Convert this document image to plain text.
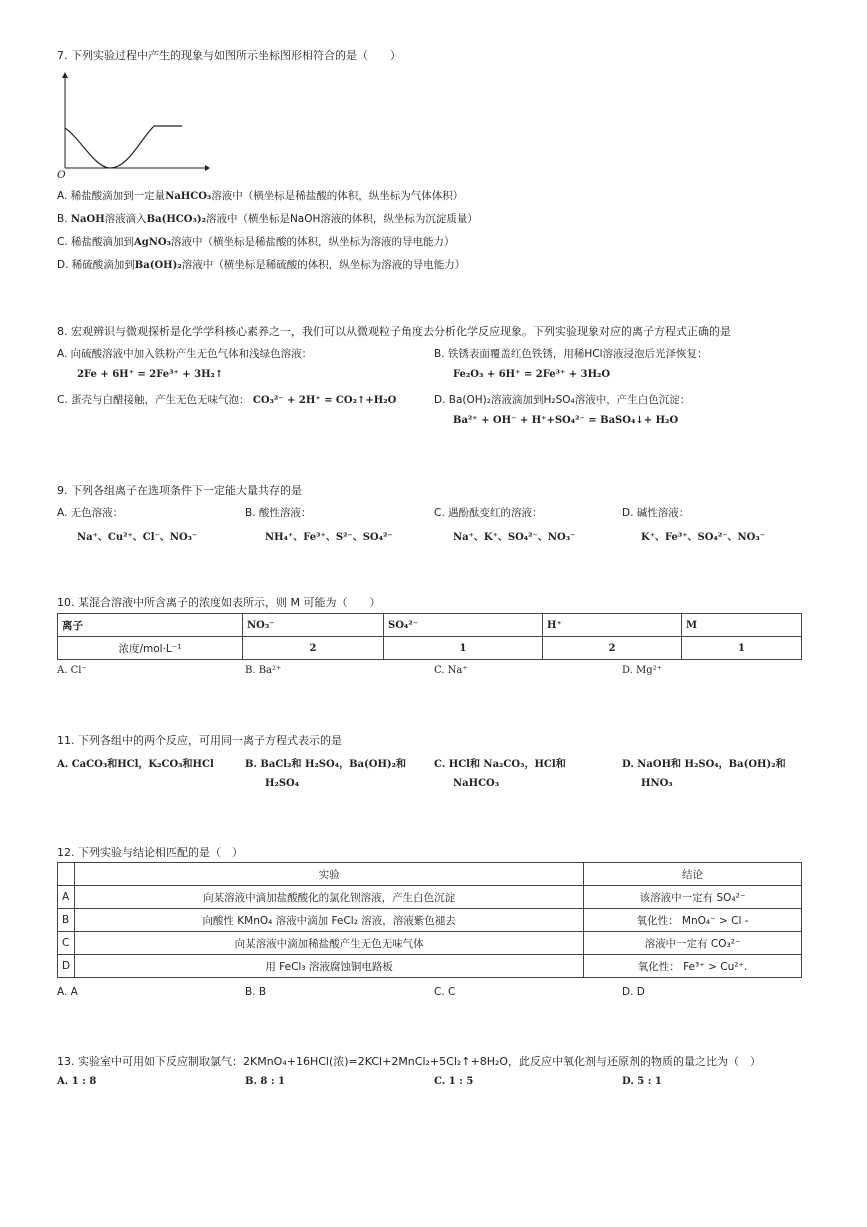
7. 下列实验过程中产生的现象与如图所示坐标图形相符合的是（　　）
O
A. 稀盐酸滴加到一定量NaHCO₃溶液中（横坐标是稀盐酸的体积，纵坐标为气体体积）
B. NaOH溶液滴入Ba(HCO₃)₂溶液中（横坐标是NaOH溶液的体积，纵坐标为沉淀质量）
C. 稀盐酸滴加到AgNO₃溶液中（横坐标是稀盐酸的体积，纵坐标为溶液的导电能力）
D. 稀硫酸滴加到Ba(OH)₂溶液中（横坐标是稀硫酸的体积，纵坐标为溶液的导电能力）
8. 宏观辨识与微观探析是化学学科核心素养之一，我们可以从微观粒子角度去分析化学反应现象。下列实验现象对应的离子方程式正确的是
A. 向硫酸溶液中加入铁粉产生无色气体和浅绿色溶液：
2Fe + 6H⁺ = 2Fe³⁺ + 3H₂↑
B. 铁锈表面覆盖红色铁锈，用稀HCl溶液浸泡后光泽恢复：
Fe₂O₃ + 6H⁺ = 2Fe³⁺ + 3H₂O
C. 蛋壳与白醋接触，产生无色无味气泡： CO₃²⁻ + 2H⁺ = CO₂↑+H₂O	D. Ba(OH)₂溶液滴加到H₂SO₄溶液中，产生白色沉淀：
Ba²⁺ + OH⁻ + H⁺+SO₄²⁻ = BaSO₄↓+ H₂O
9. 下列各组离子在选项条件下一定能大量共存的是
A. 无色溶液：
Na⁺、Cu²⁺、Cl⁻、NO₃⁻
B. 酸性溶液：
NH₄⁺、Fe³⁺、S²⁻、SO₄²⁻
C. 遇酚酞变红的溶液：
Na⁺、K⁺、SO₄²⁻、NO₃⁻
D. 碱性溶液：
K⁺、Fe³⁺、SO₄²⁻、NO₃⁻
10. 某混合溶液中所含离子的浓度如表所示，则 M 可能为（　　）
离子	NO₃⁻	SO₄²⁻	H⁺	M
浓度/mol·L⁻¹	2	1	2	1
A. Cl⁻	B. Ba²⁺	C. Na⁺	D. Mg²⁺
11. 下列各组中的两个反应，可用同一离子方程式表示的是
A. CaCO₃和HCl，K₂CO₃和HCl	B. BaCl₂和 H₂SO₄，Ba(OH)₂和
H₂SO₄
C. HCl和 Na₂CO₃，HCl和
NaHCO₃
D. NaOH和 H₂SO₄，Ba(OH)₂和
HNO₃
12. 下列实验与结论相匹配的是（　）
	实验	结论
A	向某溶液中滴加盐酸酸化的氯化钡溶液，产生白色沉淀	该溶液中一定有 SO₄²⁻
B	向酸性 KMnO₄ 溶液中滴加 FeCl₂ 溶液，溶液紫色褪去	氧化性： MnO₄⁻ > Cl -
C	向某溶液中滴加稀盐酸产生无色无味气体	溶液中一定有 CO₃²⁻
D	用 FeCl₃ 溶液腐蚀铜电路板	氧化性： Fe³⁺ > Cu²⁺.
A. A	B. B	C. C	D. D
13. 实验室中可用如下反应制取氯气：2KMnO₄+16HCl(浓)=2KCl+2MnCl₂+5Cl₂↑+8H₂O，此反应中氧化剂与还原剂的物质的量之比为（　）
A. 1 : 8	B. 8 : 1	C. 1 : 5	D. 5 : 1
